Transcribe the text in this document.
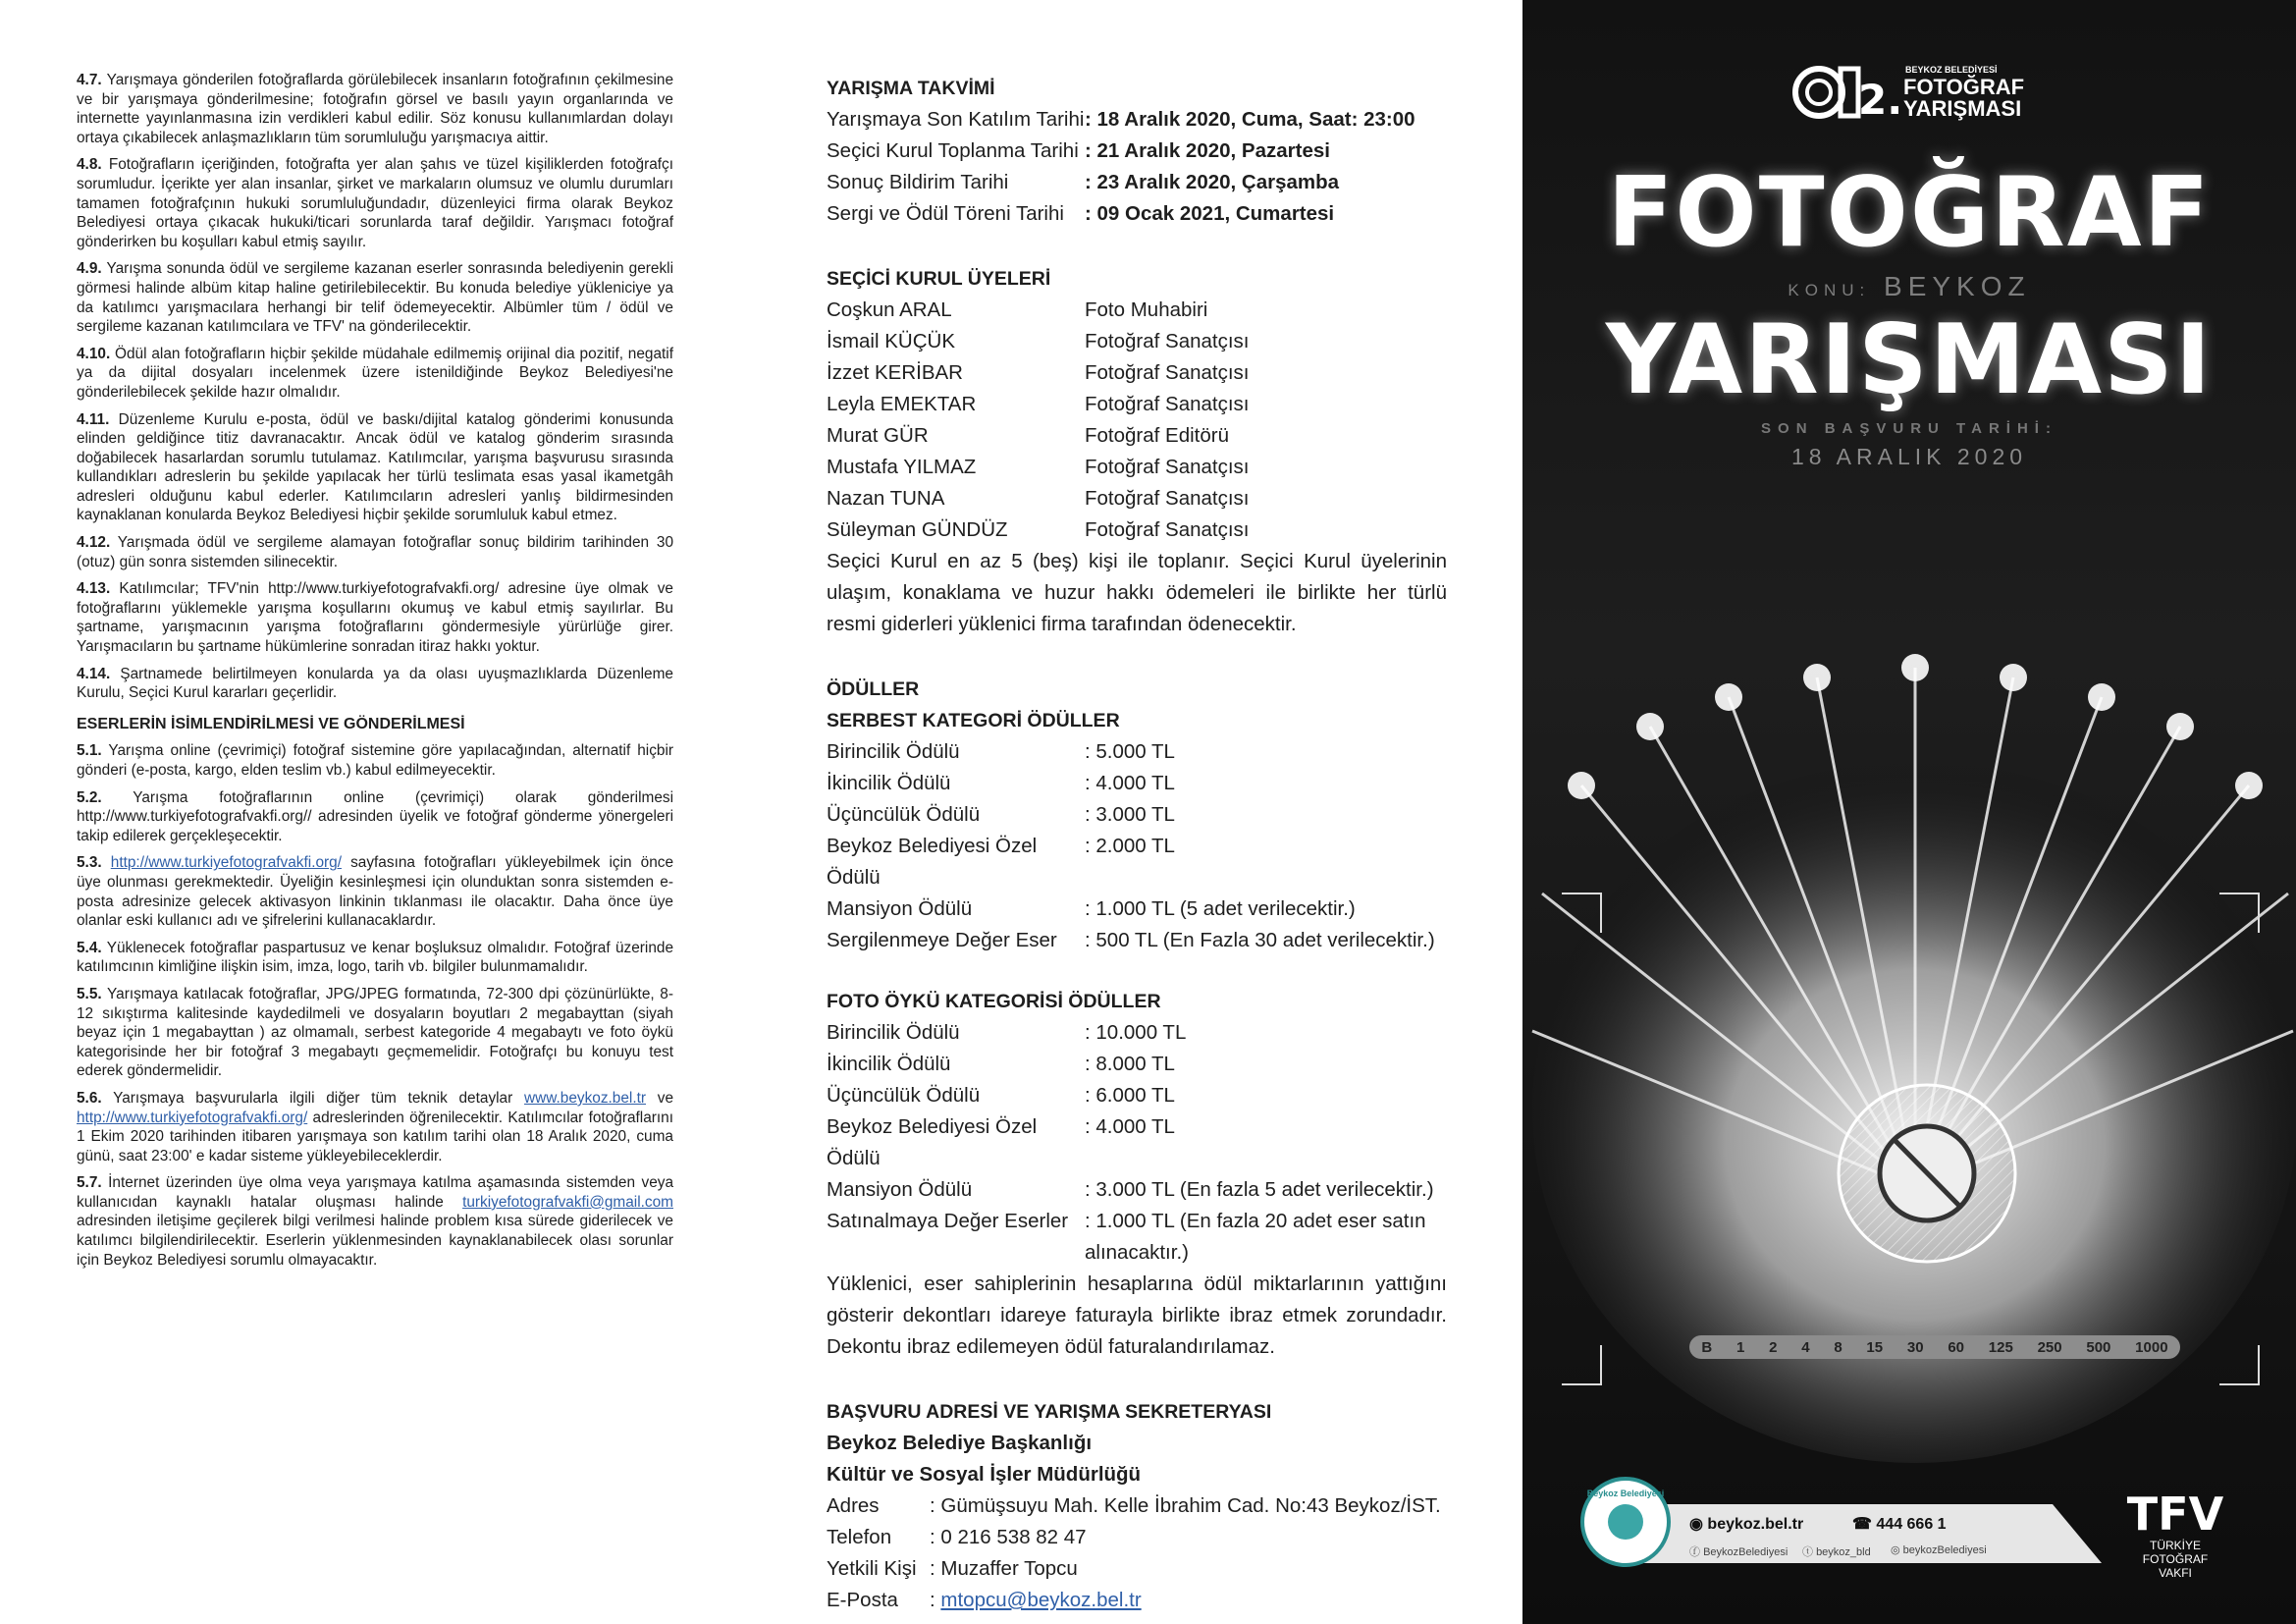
4.7. Yarışmaya gönderilen fotoğraflarda görülebilecek insanların fotoğrafının çekilmesine ve bir yarışmaya gönderilmesine; fotoğrafın görsel ve basılı yayın organlarında ve internette yayınlanmasına izin verdikleri kabul edilir. Söz konusu kullanımlardan dolayı ortaya çıkabilecek anlaşmazlıkların tüm sorumluluğu yarışmacıya aittir.

4.8. Fotoğrafların içeriğinden, fotoğrafta yer alan şahıs ve tüzel kişiliklerden fotoğrafçı sorumludur. İçerikte yer alan insanlar, şirket ve markaların olumsuz ve olumlu durumları tamamen fotoğrafçının hukuki sorumluluğundadır, düzenleyici firma olarak Beykoz Belediyesi ortaya çıkacak hukuki/ticari sorunlarda taraf değildir. Yarışmacı fotoğraf gönderirken bu koşulları kabul etmiş sayılır.

4.9. Yarışma sonunda ödül ve sergileme kazanan eserler sonrasında belediyenin gerekli görmesi halinde albüm kitap haline getirilebilecektir. Bu konuda belediye yükleniciye ya da katılımcı yarışmacılara herhangi bir telif ödemeyecektir. Albümler tüm / ödül ve sergileme kazanan katılımcılara ve TFV' na gönderilecektir.

4.10. Ödül alan fotoğrafların hiçbir şekilde müdahale edilmemiş orijinal dia pozitif, negatif ya da dijital dosyaları incelenmek üzere istenildiğinde Beykoz Belediyesi'ne gönderilebilecek şekilde hazır olmalıdır.

4.11. Düzenleme Kurulu e-posta, ödül ve baskı/dijital katalog gönderimi konusunda elinden geldiğince titiz davranacaktır. Ancak ödül ve katalog gönderim sırasında doğabilecek hasarlardan sorumlu tutulamaz. Katılımcılar, yarışma başvurusu sırasında kullandıkları adreslerin bu şekilde yapılacak her türlü teslimata esas yasal ikametgâh adresleri olduğunu kabul ederler. Katılımcıların adresleri yanlış bildirmesinden kaynaklanan konularda Beykoz Belediyesi hiçbir şekilde sorumluluk kabul etmez.

4.12. Yarışmada ödül ve sergileme alamayan fotoğraflar sonuç bildirim tarihinden 30 (otuz) gün sonra sistemden silinecektir.

4.13. Katılımcılar; TFV'nin http://www.turkiyefotografvakfi.org/ adresine üye olmak ve fotoğraflarını yüklemekle yarışma koşullarını okumuş ve kabul etmiş sayılırlar. Bu şartname, yarışmacının yarışma fotoğraflarını göndermesiyle yürürlüğe girer. Yarışmacıların bu şartname hükümlerine sonradan itiraz hakkı yoktur.

4.14. Şartnamede belirtilmeyen konularda ya da olası uyuşmazlıklarda Düzenleme Kurulu, Seçici Kurul kararları geçerlidir.

ESERLERİN İSİMLENDİRİLMESİ VE GÖNDERİLMESİ

5.1. Yarışma online (çevrimiçi) fotoğraf sistemine göre yapılacağından, alternatif hiçbir gönderi (e-posta, kargo, elden teslim vb.) kabul edilmeyecektir.

5.2. Yarışma fotoğraflarının online (çevrimiçi) olarak gönderilmesi http://www.turkiyefotografvakfi.org// adresinden üyelik ve fotoğraf gönderme yönergeleri takip edilerek gerçekleşecektir.

5.3. http://www.turkiyefotografvakfi.org/ sayfasına fotoğrafları yükleyebilmek için önce üye olunması gerekmektedir. Üyeliğin kesinleşmesi için olunduktan sonra sistemden e-posta adresinize gelecek aktivasyon linkinin tıklanması ile olacaktır. Daha önce üye olanlar eski kullanıcı adı ve şifrelerini kullanacaklardır.

5.4. Yüklenecek fotoğraflar paspartusuz ve kenar boşluksuz olmalıdır. Fotoğraf üzerinde katılımcının kimliğine ilişkin isim, imza, logo, tarih vb. bilgiler bulunmamalıdır.

5.5. Yarışmaya katılacak fotoğraflar, JPG/JPEG formatında, 72-300 dpi çözünürlükte, 8-12 sıkıştırma kalitesinde kaydedilmeli ve dosyaların boyutları 2 megabayttan (siyah beyaz için 1 megabayttan ) az olmamalı, serbest kategoride 4 megabaytı ve foto öykü kategorisinde her bir fotoğraf 3 megabaytı geçmemelidir. Fotoğrafçı bu konuyu test ederek göndermelidir.

5.6. Yarışmaya başvurularla ilgili diğer tüm teknik detaylar www.beykoz.bel.tr ve http://www.turkiyefotografvakfi.org/ adreslerinden öğrenilecektir. Katılımcılar fotoğraflarını 1 Ekim 2020 tarihinden itibaren yarışmaya son katılım tarihi olan 18 Aralık 2020, cuma günü, saat 23:00' e kadar sisteme yükleyebileceklerdir.

5.7. İnternet üzerinden üye olma veya yarışmaya katılma aşamasında sistemden veya kullanıcıdan kaynaklı hatalar oluşması halinde turkiyefotografvakfi@gmail.com adresinden iletişime geçilerek bilgi verilmesi halinde problem kısa sürede giderilecek ve katılımcı bilgilendirilecektir. Eserlerin yüklenmesinden kaynaklanabilecek olası sorunlar için Beykoz Belediyesi sorumlu olmayacaktır.

YARIŞMA TAKVİMİ
Yarışmaya Son Katılım Tarihi : 18 Aralık 2020, Cuma, Saat: 23:00
Seçici Kurul Toplanma Tarihi : 21 Aralık 2020, Pazartesi
Sonuç Bildirim Tarihi	: 23 Aralık 2020, Çarşamba
Sergi ve Ödül Töreni Tarihi	: 09 Ocak 2021, Cumartesi
SEÇİCİ KURUL ÜYELERİ
Coşkun ARAL	Foto Muhabiri
İsmail KÜÇÜK	Fotoğraf Sanatçısı
İzzet KERİBAR	Fotoğraf Sanatçısı
Leyla EMEKTAR	Fotoğraf Sanatçısı
Murat GÜR	Fotoğraf Editörü
Mustafa YILMAZ	Fotoğraf Sanatçısı
Nazan TUNA	Fotoğraf Sanatçısı
Süleyman GÜNDÜZ	Fotoğraf Sanatçısı
Seçici Kurul en az 5 (beş) kişi ile toplanır. Seçici Kurul üyelerinin ulaşım, konaklama ve huzur hakkı ödemeleri ile birlikte her türlü resmi giderleri yüklenici firma tarafından ödenecektir.
ÖDÜLLER
SERBEST KATEGORİ ÖDÜLLER
Birincilik Ödülü	: 5.000 TL
İkincilik Ödülü	: 4.000 TL
Üçüncülük Ödülü	: 3.000 TL
Beykoz Belediyesi Özel Ödülü
: 2.000 TL
Mansiyon Ödülü	: 1.000 TL (5 adet verilecektir.)
Sergilenmeye Değer Eser	: 500 TL (En Fazla 30 adet verilecektir.)
FOTO ÖYKÜ KATEGORİSİ ÖDÜLLER
Birincilik Ödülü	: 10.000 TL
İkincilik Ödülü	: 8.000 TL
Üçüncülük Ödülü	: 6.000 TL
Beykoz Belediyesi Özel Ödülü
: 4.000 TL
Mansiyon Ödülü	: 3.000 TL (En fazla 5 adet verilecektir.)
Satınalmaya Değer Eserler : 1.000 TL (En fazla 20 adet eser satın alınacaktır.)
Yüklenici, eser sahiplerinin hesaplarına ödül miktarlarının yattığını gösterir dekontları idareye faturayla birlikte ibraz etmek zorundadır. Dekontu ibraz edilemeyen ödül faturalandırılamaz.
BAŞVURU ADRESİ VE YARIŞMA SEKRETERYASI
Beykoz Belediye Başkanlığı
Kültür ve Sosyal İşler Müdürlüğü
Adres	: Gümüşsuyu Mah. Kelle İbrahim Cad. No:43 Beykoz/İST.
Telefon	: 0 216 538 82 47
Yetkili Kişi : Muzaffer Topcu
E-Posta	: mtopcu@beykoz.bel.tr
2.
BEYKOZ BELEDİYESİ
FOTOĞRAF
YARIŞMASI
FOTOĞRAF
KONU: BEYKOZ
YARIŞMASI
SON BAŞVURU TARİHİ:
18 ARALIK 2020
B 1 2 4 8 15 30 60 125 250 500 1000
Beykoz Belediyesi
◉ beykoz.bel.tr	☎ 444 666 1
ⓕ BeykozBelediyesi ⓣ beykoz_bld ◎ beykozBelediyesi
TFV
TÜRKİYE
FOTOĞRAF
VAKFI
